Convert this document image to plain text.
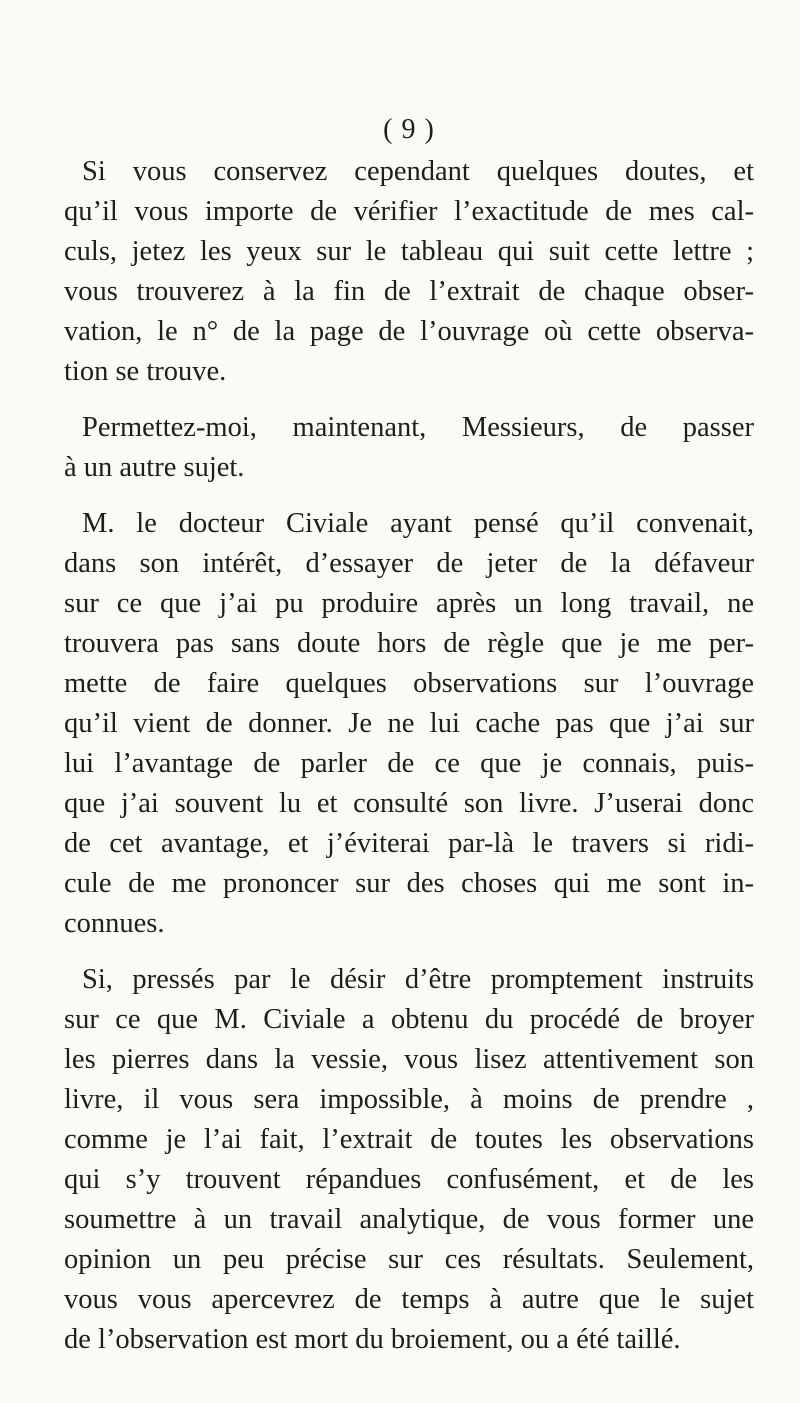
( 9 )

Si vous conservez cependant quelques doutes, et
qu’il vous importe de vérifier l’exactitude de mes cal-
culs, jetez les yeux sur le tableau qui suit cette lettre ;
vous trouverez à la fin de l’extrait de chaque obser-
vation, le n° de la page de l’ouvrage où cette observa-
tion se trouve.

Permettez-moi, maintenant, Messieurs, de passer
à un autre sujet.

M. le docteur Civiale ayant pensé qu’il convenait,
dans son intérêt, d’essayer de jeter de la défaveur
sur ce que j’ai pu produire après un long travail, ne
trouvera pas sans doute hors de règle que je me per-
mette de faire quelques observations sur l’ouvrage
qu’il vient de donner. Je ne lui cache pas que j’ai sur
lui l’avantage de parler de ce que je connais, puis-
que j’ai souvent lu et consulté son livre. J’userai donc
de cet avantage, et j’éviterai par-là le travers si ridi-
cule de me prononcer sur des choses qui me sont in-
connues.

Si, pressés par le désir d’être promptement instruits
sur ce que M. Civiale a obtenu du procédé de broyer
les pierres dans la vessie, vous lisez attentivement son
livre, il vous sera impossible, à moins de prendre ,
comme je l’ai fait, l’extrait de toutes les observations
qui s’y trouvent répandues confusément, et de les
soumettre à un travail analytique, de vous former une
opinion un peu précise sur ces résultats. Seulement,
vous vous apercevrez de temps à autre que le sujet
de l’observation est mort du broiement, ou a été taillé.
